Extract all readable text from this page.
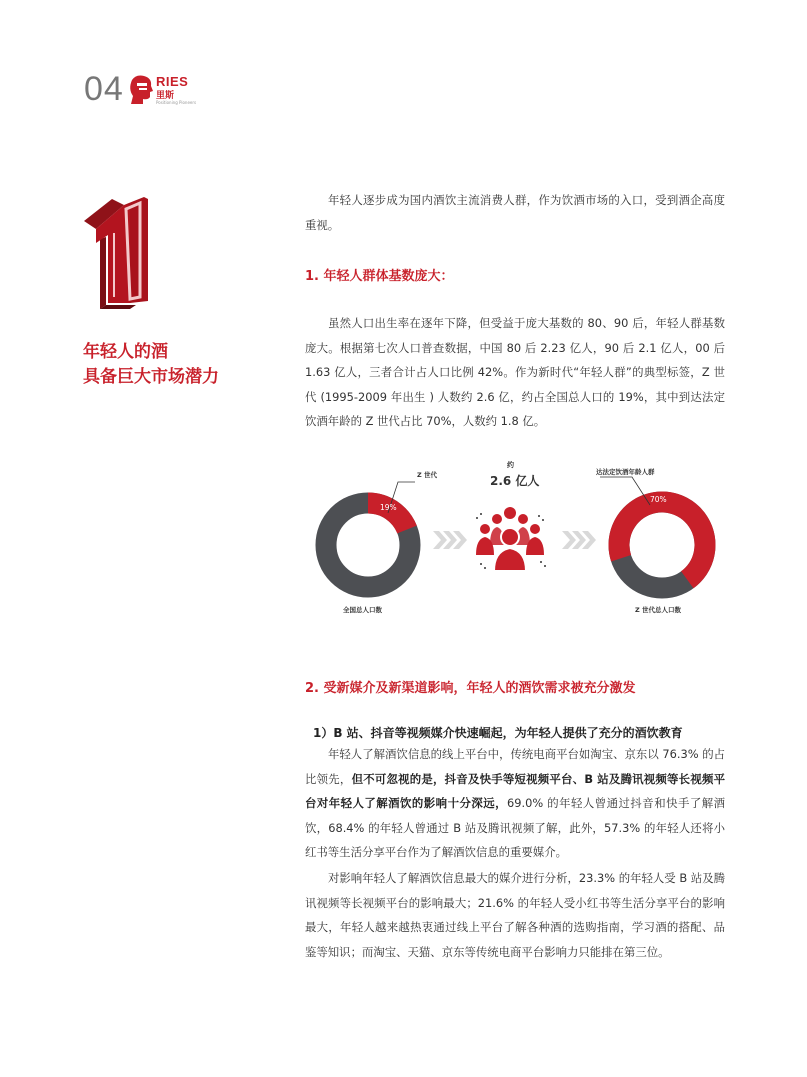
04 RIES
里斯
Positioning Pioneers
1
年轻人的酒
具备巨大市场潜力

年轻人逐步成为国内酒饮主流消费人群，作为饮酒市场的入口，受到酒企高度重视。

1. 年轻人群体基数庞大：

虽然人口出生率在逐年下降，但受益于庞大基数的 80、90 后，年轻人群基数庞大。根据第七次人口普查数据，中国 80 后 2.23 亿人，90 后 2.1 亿人，00 后 1.63 亿人，三者合计占人口比例 42%。作为新时代“年轻人群”的典型标签，Z 世代 (1995-2009 年出生 ) 人数约 2.6 亿，约占全国总人口的 19%，其中到达法定饮酒年龄的 Z 世代占比 70%，人数约 1.8 亿。

Z 世代
19%
全国总人口数
约
2.6 亿人
达法定饮酒年龄人群
70%
Z 世代总人口数
2. 受新媒介及新渠道影响，年轻人的酒饮需求被充分激发
1）B 站、抖音等视频媒介快速崛起，为年轻人提供了充分的酒饮教育

年轻人了解酒饮信息的线上平台中，传统电商平台如淘宝、京东以 76.3% 的占比领先，但不可忽视的是，抖音及快手等短视频平台、B 站及腾讯视频等长视频平台对年轻人了解酒饮的影响十分深远，69.0% 的年轻人曾通过抖音和快手了解酒饮，68.4% 的年轻人曾通过 B 站及腾讯视频了解，此外，57.3% 的年轻人还将小红书等生活分享平台作为了解酒饮信息的重要媒介。

对影响年轻人了解酒饮信息最大的媒介进行分析，23.3% 的年轻人受 B 站及腾讯视频等长视频平台的影响最大；21.6% 的年轻人受小红书等生活分享平台的影响最大，年轻人越来越热衷通过线上平台了解各种酒的选购指南，学习酒的搭配、品鉴等知识；而淘宝、天猫、京东等传统电商平台影响力只能排在第三位。
